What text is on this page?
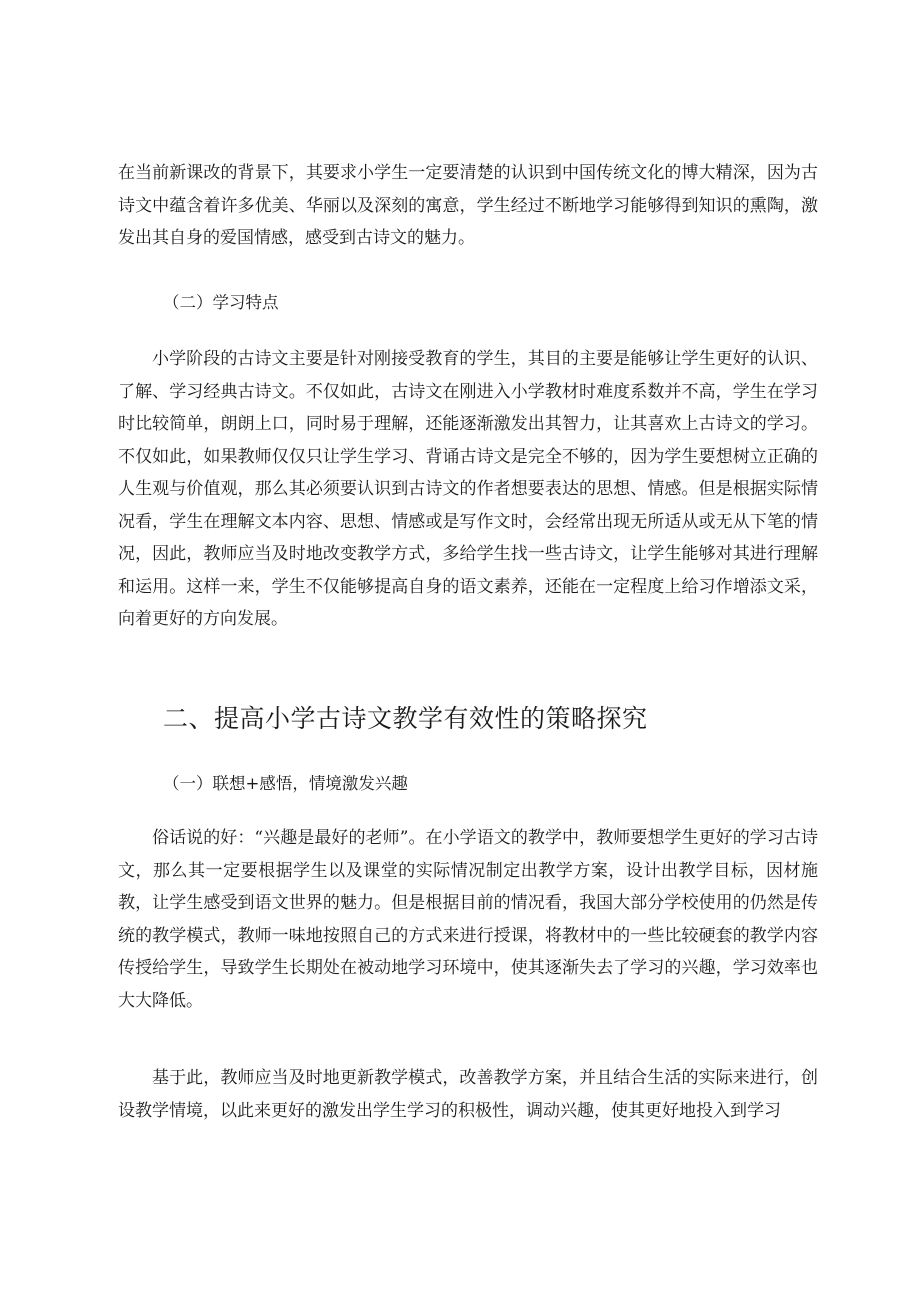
在当前新课改的背景下，其要求小学生一定要清楚的认识到中国传统文化的博大精深，因为古诗文中蕴含着许多优美、华丽以及深刻的寓意，学生经过不断地学习能够得到知识的熏陶，激发出其自身的爱国情感，感受到古诗文的魅力。

（二）学习特点

小学阶段的古诗文主要是针对刚接受教育的学生，其目的主要是能够让学生更好的认识、了解、学习经典古诗文。不仅如此，古诗文在刚进入小学教材时难度系数并不高，学生在学习时比较简单，朗朗上口，同时易于理解，还能逐渐激发出其智力，让其喜欢上古诗文的学习。不仅如此，如果教师仅仅只让学生学习、背诵古诗文是完全不够的，因为学生要想树立正确的人生观与价值观，那么其必须要认识到古诗文的作者想要表达的思想、情感。但是根据实际情况看，学生在理解文本内容、思想、情感或是写作文时，会经常出现无所适从或无从下笔的情况，因此，教师应当及时地改变教学方式，多给学生找一些古诗文，让学生能够对其进行理解和运用。这样一来，学生不仅能够提高自身的语文素养，还能在一定程度上给习作增添文采，向着更好的方向发展。

二、提高小学古诗文教学有效性的策略探究
（一）联想+感悟，情境激发兴趣

俗话说的好：“兴趣是最好的老师”。在小学语文的教学中，教师要想学生更好的学习古诗文，那么其一定要根据学生以及课堂的实际情况制定出教学方案，设计出教学目标，因材施教，让学生感受到语文世界的魅力。但是根据目前的情况看，我国大部分学校使用的仍然是传统的教学模式，教师一味地按照自己的方式来进行授课，将教材中的一些比较硬套的教学内容传授给学生，导致学生长期处在被动地学习环境中，使其逐渐失去了学习的兴趣，学习效率也大大降低。

基于此，教师应当及时地更新教学模式，改善教学方案，并且结合生活的实际来进行，创设教学情境，以此来更好的激发出学生学习的积极性，调动兴趣，使其更好地投入到学习
